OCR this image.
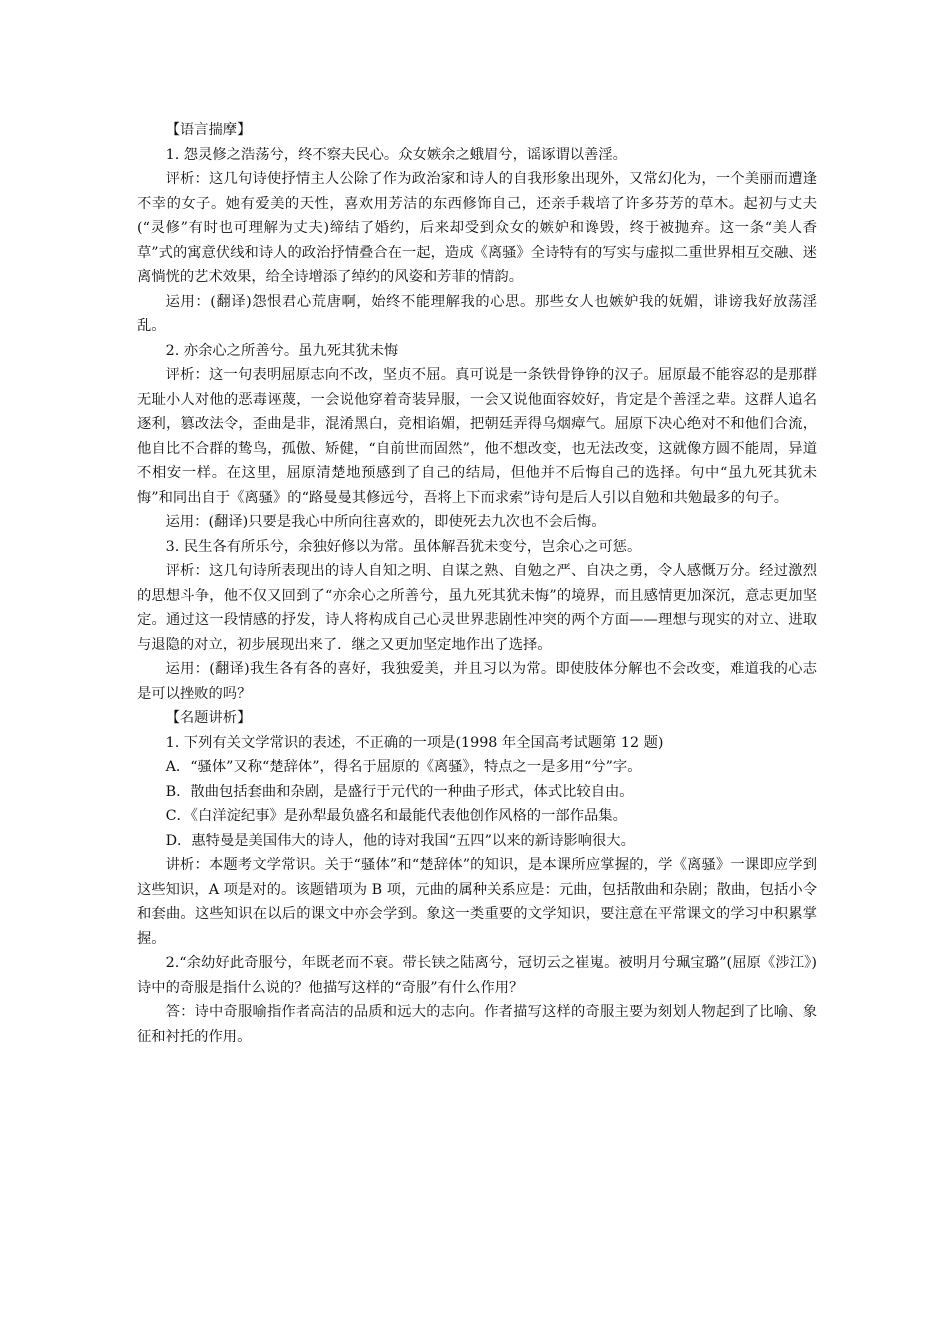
【语言揣摩】

1. 怨灵修之浩荡兮，终不察夫民心。众女嫉余之蛾眉兮，谣诼谓以善淫。

评析：这几句诗使抒情主人公除了作为政治家和诗人的自我形象出现外，又常幻化为，一个美丽而遭逢不幸的女子。她有爱美的天性，喜欢用芳洁的东西修饰自己，还亲手栽培了许多芬芳的草木。起初与丈夫(“灵修”有时也可理解为丈夫)缔结了婚约，后来却受到众女的嫉妒和谗毁，终于被抛弃。这一条“美人香草”式的寓意伏线和诗人的政治抒情叠合在一起，造成《离骚》全诗特有的写实与虚拟二重世界相互交融、迷离惝恍的艺术效果，给全诗增添了绰约的风姿和芳菲的情韵。

运用：(翻译)怨恨君心荒唐啊，始终不能理解我的心思。那些女人也嫉妒我的妩媚，诽谤我好放荡淫乱。

2. 亦余心之所善兮。虽九死其犹未悔

评析：这一句表明屈原志向不改，坚贞不屈。真可说是一条铁骨铮铮的汉子。屈原最不能容忍的是那群无耻小人对他的恶毒诬蔑，一会说他穿着奇装异服，一会又说他面容姣好，肯定是个善淫之辈。这群人追名逐利，篡改法令，歪曲是非，混淆黑白，竞相谄媚，把朝廷弄得乌烟瘴气。屈原下决心绝对不和他们合流，他自比不合群的鸷鸟，孤傲、矫健，“自前世而固然”，他不想改变，也无法改变，这就像方圆不能周，异道不相安一样。在这里，屈原清楚地预感到了自己的结局，但他并不后悔自己的选择。句中“虽九死其犹未悔”和同出自于《离骚》的“路曼曼其修远兮，吾将上下而求索”诗句是后人引以自勉和共勉最多的句子。

运用：(翻译)只要是我心中所向往喜欢的，即使死去九次也不会后悔。

3. 民生各有所乐兮，余独好修以为常。虽体解吾犹未变兮，岂余心之可惩。

评析：这几句诗所表现出的诗人自知之明、自谋之熟、自勉之严、自决之勇，令人感慨万分。经过激烈的思想斗争，他不仅又回到了“亦余心之所善兮，虽九死其犹未悔”的境界，而且感情更加深沉，意志更加坚定。通过这一段情感的抒发，诗人将构成自己心灵世界悲剧性冲突的两个方面——理想与现实的对立、进取与退隐的对立，初步展现出来了．继之又更加坚定地作出了选择。

运用：(翻译)我生各有各的喜好，我独爱美，并且习以为常。即使肢体分解也不会改变，难道我的心志是可以挫败的吗？

【名题讲析】

1. 下列有关文学常识的表述，不正确的一项是(1998 年全国高考试题第 12 题)

A．“骚体”又称“楚辞体”，得名于屈原的《离骚》，特点之一是多用“兮”字。

B．散曲包括套曲和杂剧，是盛行于元代的一种曲子形式，体式比较自由。

C．《白洋淀纪事》是孙犁最负盛名和最能代表他创作风格的一部作品集。

D．惠特曼是美国伟大的诗人，他的诗对我国“五四”以来的新诗影响很大。

讲析：本题考文学常识。关于“骚体”和“楚辞体”的知识，是本课所应掌握的，学《离骚》一课即应学到这些知识，A 项是对的。该题错项为 B 项，元曲的属种关系应是：元曲，包括散曲和杂剧；散曲，包括小令和套曲。这些知识在以后的课文中亦会学到。象这一类重要的文学知识，要注意在平常课文的学习中积累掌握。

2.“余幼好此奇服兮，年既老而不衰。带长铗之陆离兮，冠切云之崔嵬。被明月兮珮宝璐”(屈原《涉江》)诗中的奇服是指什么说的？他描写这样的“奇服”有什么作用？

答：诗中奇服喻指作者高洁的品质和远大的志向。作者描写这样的奇服主要为刻划人物起到了比喻、象征和衬托的作用。
